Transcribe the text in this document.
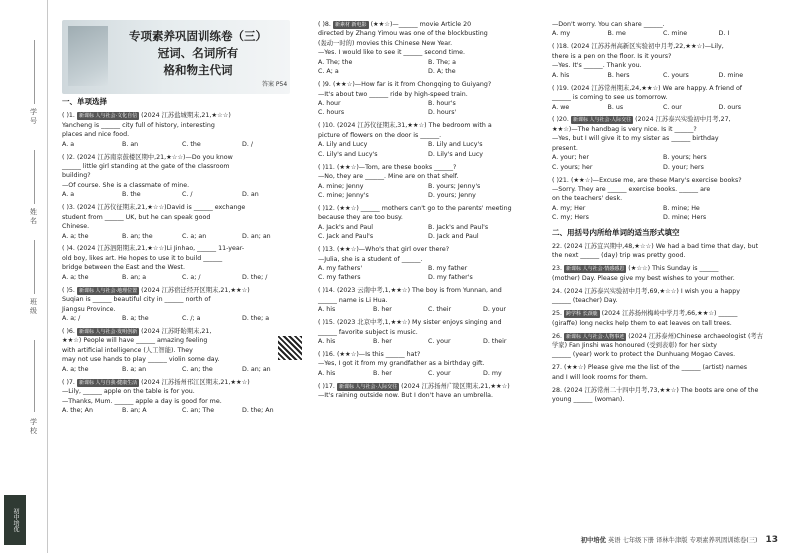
学号
姓名
班级
学校
初中培优
专项素养巩固训练卷（三）
冠词、名词所有
格和物主代词
答案 P54
一、单项选择
( )1. 新课标 人与社会·文化自信 (2024 江苏盐城期末,21,★☆☆)
Yancheng is ______ city full of history, interesting
places and nice food.
A. a	B. an	C. the	D. /
( )2. (2024 江苏南京鼓楼区期中,21,★☆☆)—Do you know
______ little girl standing at the gate of the classroom
building?
—Of course. She is a classmate of mine.
A. a	B. the	C. /	D. an
( )3. (2024 江苏仪征期末,21,★☆☆)David is ______ exchange
student from ______ UK, but he can speak good
Chinese.
A. a; the	B. an; the	C. a; an	D. an; an
( )4. (2024 江苏泗阳期末,21,★☆☆)Li Jinhao, ______ 11-year-
old boy, likes art. He hopes to use it to build ______
bridge between the East and the West.
A. a; the	B. an; a	C. a; /	D. the; /
( )5. 新课标 人与社会·地理位置 (2024 江苏宿迁经开区期末,21,★★☆)
Suqian is ______ beautiful city in ______ north of
Jiangsu Province.
A. a; /	B. a; the	C. /; a	D. the; a
( )6. 新课标 人与社会·发明创新 (2024 江苏盱眙期末,21,
★★☆) People will have ______ amazing feeling
with artificial intelligence (人工智能). They
may not use hands to play ______ violin some day.
A. a; the	B. a; an	C. an; the	D. an; an
( )7. 新课标 人与自我·健康生活 (2024 江苏扬州邗江区期末,21,★★☆)
—Lily, ______ apple on the table is for you.
—Thanks, Mum. ______ apple a day is good for me.
A. the; An	B. an; A	C. an; The	D. the; An
( )8. 新素材 新电影 (★★☆)—______ movie Article 20
directed by Zhang Yimou was one of the blockbusting
(轰动一时的) movies this Chinese New Year.
—Yes. I would like to see it ______ second time.
A. The; the	B. The; a
C. A; a	D. A; the
( )9. (★★☆)—How far is it from Chongqing to Guiyang?
—It's about two ______ ride by high-speed train.
A. hour	B. hour's
C. hours	D. hours'
( )10. (2024 江苏仪征期末,31,★★☆) The bedroom with a
picture of flowers on the door is ______.
A. Lily and Lucy	B. Lily and Lucy's
C. Lily's and Lucy's	D. Lily's and Lucy
( )11. (★★☆)—Tom, are these books ______?
—No, they are ______. Mine are on that shelf.
A. mine; Jenny	B. yours; Jenny's
C. mine; Jenny's	D. yours; Jenny
( )12. (★★☆) ______ mothers can't go to the parents' meeting
because they are too busy.
A. Jack's and Paul	B. Jack's and Paul's
C. Jack and Paul's	D. Jack and Paul
( )13. (★★☆)—Who's that girl over there?
—Julia, she is a student of ______.
A. my fathers'	B. my father
C. my fathers	D. my father's
( )14. (2023 云南中考,1,★★☆) The boy is from Yunnan, and
______ name is Li Hua.
A. his	B. her	C. their	D. your
( )15. (2023 北京中考,1,★★☆) My sister enjoys singing and
______ favorite subject is music.
A. his	B. her	C. your	D. their
( )16. (★★☆)—Is this ______ hat?
—Yes, I got it from my grandfather as a birthday gift.
A. his	B. her	C. your	D. my
( )17. 新课标 人与社会·人际交往 (2024 江苏扬州广陵区期末,21,★★☆)
—It's raining outside now. But I don't have an umbrella.
—Don't worry. You can share ______.
A. my	B. me	C. mine	D. I
( )18. (2024 江苏苏州高新区实验初中月考,22,★★☆)—Lily,
there is a pen on the floor. Is it yours?
—Yes. It's ______. Thank you.
A. his	B. hers	C. yours	D. mine
( )19. (2024 江苏常州期末,24,★★☆) We are happy. A friend of
______ is coming to see us tomorrow.
A. we	B. us	C. our	D. ours
( )20. 新课标 人与社会·人际交往 (2024 江苏泰兴实验初中月考,27,
★★☆)—The handbag is very nice. Is it ______?
—Yes, but I will give it to my sister as ______ birthday
present.
A. your; her	B. yours; hers
C. yours; her	D. your; hers
( )21. (★★☆)—Excuse me, are these Mary's exercise books?
—Sorry. They are ______ exercise books. ______ are
on the teachers' desk.
A. my; Her	B. mine; He
C. my; Hers	D. mine; Hers
二、用括号内所给单词的适当形式填空
22. (2024 江苏宜兴期中,48,★☆☆) We had a bad time that day, but
the next ______ (day) trip was pretty good.
23. 新课标 人与社会·情感感恩 (★☆☆) This Sunday is ______
(mother) Day. Please give my best wishes to your mother.
24. (2024 江苏泰兴实验初中月考,69,★☆☆) I wish you a happy
______ (teacher) Day.
25. 跨学科 长颈鹿 (2024 江苏扬州梅岭中学月考,66,★★☆) ______
(giraffe) long necks help them to eat leaves on tall trees.
26. 新课标 人与社会·人物事迹 (2024 江苏泰州)Chinese archaeologist (考古
学家) Fan Jinshi was honoured (受到表彰) for her sixty
______ (year) work to protect the Dunhuang Mogao Caves.
27. (★★☆) Please give me the list of the ______ (artist) names
and I will look rooms for them.
28. (2024 江苏常州二十四中月考,73,★★☆) The boots are one of the
young ______ (woman).
初中培优 英语 七年级下册 译林牛津版 专项素养巩固训练卷(三) 13
